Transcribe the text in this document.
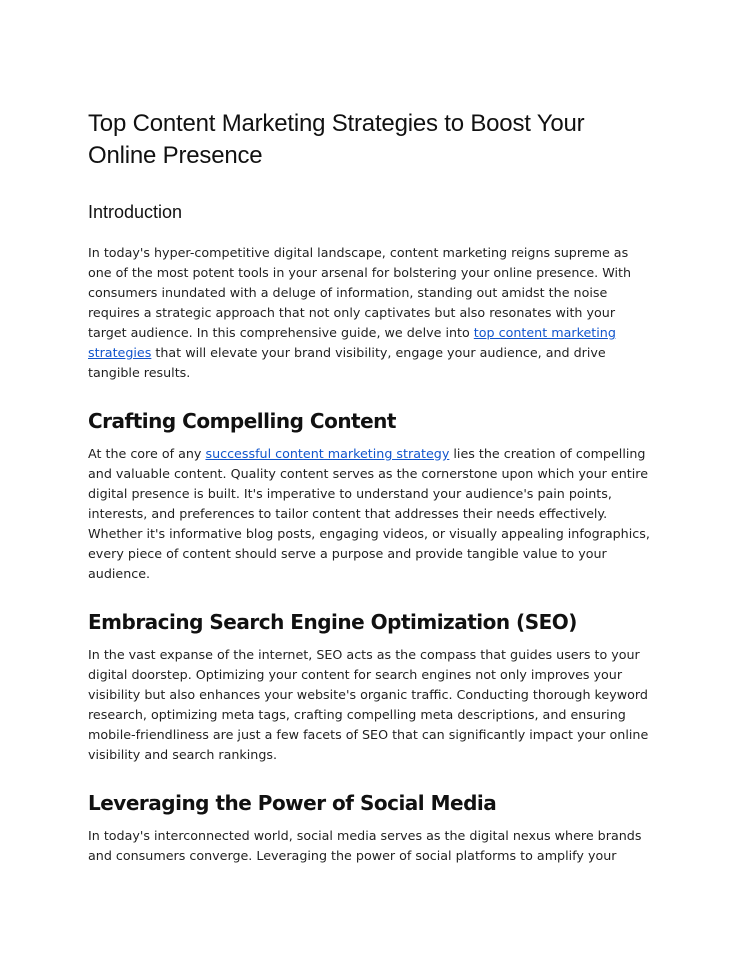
Top Content Marketing Strategies to Boost Your Online Presence
Introduction

In today's hyper-competitive digital landscape, content marketing reigns supreme as one of the most potent tools in your arsenal for bolstering your online presence. With consumers inundated with a deluge of information, standing out amidst the noise requires a strategic approach that not only captivates but also resonates with your target audience. In this comprehensive guide, we delve into top content marketing strategies that will elevate your brand visibility, engage your audience, and drive tangible results.

Crafting Compelling Content

At the core of any successful content marketing strategy lies the creation of compelling and valuable content. Quality content serves as the cornerstone upon which your entire digital presence is built. It's imperative to understand your audience's pain points, interests, and preferences to tailor content that addresses their needs effectively.

Whether it's informative blog posts, engaging videos, or visually appealing infographics, every piece of content should serve a purpose and provide tangible value to your audience.

Embracing Search Engine Optimization (SEO)

In the vast expanse of the internet, SEO acts as the compass that guides users to your digital doorstep. Optimizing your content for search engines not only improves your visibility but also enhances your website's organic traffic. Conducting thorough keyword research, optimizing meta tags, crafting compelling meta descriptions, and ensuring mobile-friendliness are just a few facets of SEO that can significantly impact your online visibility and search rankings.

Leveraging the Power of Social Media

In today's interconnected world, social media serves as the digital nexus where brands and consumers converge. Leveraging the power of social platforms to amplify your
